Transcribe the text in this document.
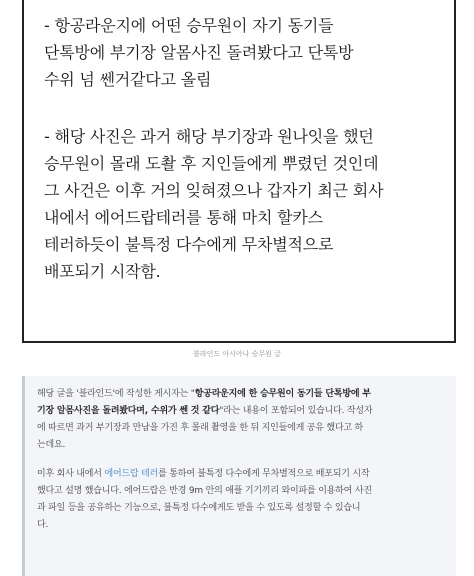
- 항공라운지에 어떤 승무원이 자기 동기들
단톡방에 부기장 알몸사진 돌려봤다고 단톡방
수위 넘 쎈거같다고 올림
- 해당 사진은 과거 해당 부기장과 원나잇을 했던
승무원이 몰래 도촬 후 지인들에게 뿌렸던 것인데
그 사건은 이후 거의 잊혀졌으나 갑자기 최근 회사
내에서 에어드랍테러를 통해 마치 할카스
테러하듯이 불특정 다수에게 무차별적으로
배포되기 시작함.
블라인드 아시아나 승무원 글
해당 글을 '블라인드'에 작성한 게시자는 "항공라운지에 한 승무원이 동기들 단톡방에 부
기장 알몸사진을 돌려봤다며, 수위가 쎈 것 같다"라는 내용이 포함되어 있습니다. 작성자
에 따르면 과거 부기장과 만남을 가진 후 몰래 촬영을 한 뒤 지인들에게 공유 했다고 하
는데요.
이후 회사 내에서 에어드랍 테러를 통하여 불특정 다수에게 무차별적으로 배포되기 시작
했다고 설명 했습니다. 에어드랍은 반경 9m 안의 애플 기기끼리 와이파를 이용하여 사진
과 파일 등을 공유하는 기능으로, 불특정 다수에게도 받을 수 있도록 설정할 수 있습니
다.
